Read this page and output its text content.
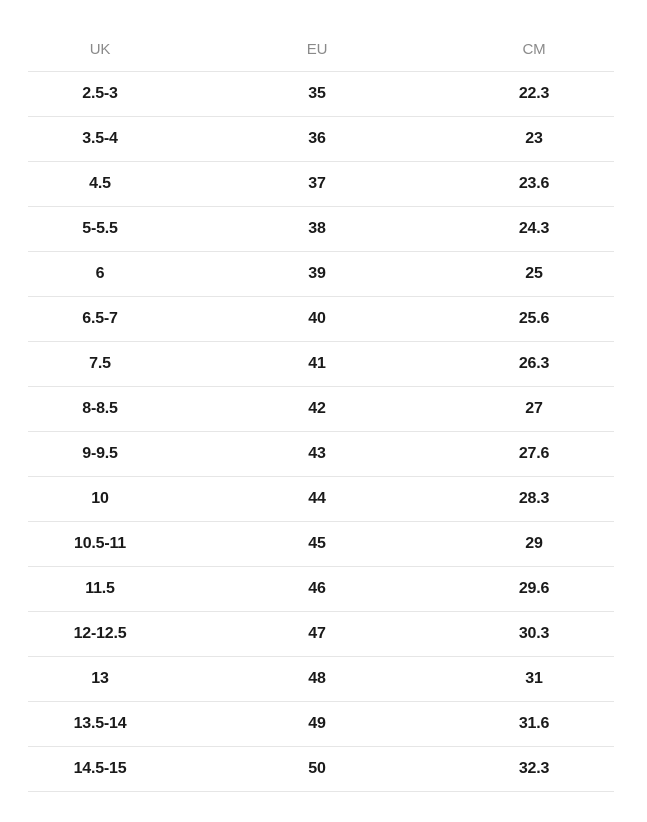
UK	EU	CM
2.5-3	35	22.3
3.5-4	36	23
4.5	37	23.6
5-5.5	38	24.3
6	39	25
6.5-7	40	25.6
7.5	41	26.3
8-8.5	42	27
9-9.5	43	27.6
10	44	28.3
10.5-11	45	29
11.5	46	29.6
12-12.5	47	30.3
13	48	31
13.5-14	49	31.6
14.5-15	50	32.3
